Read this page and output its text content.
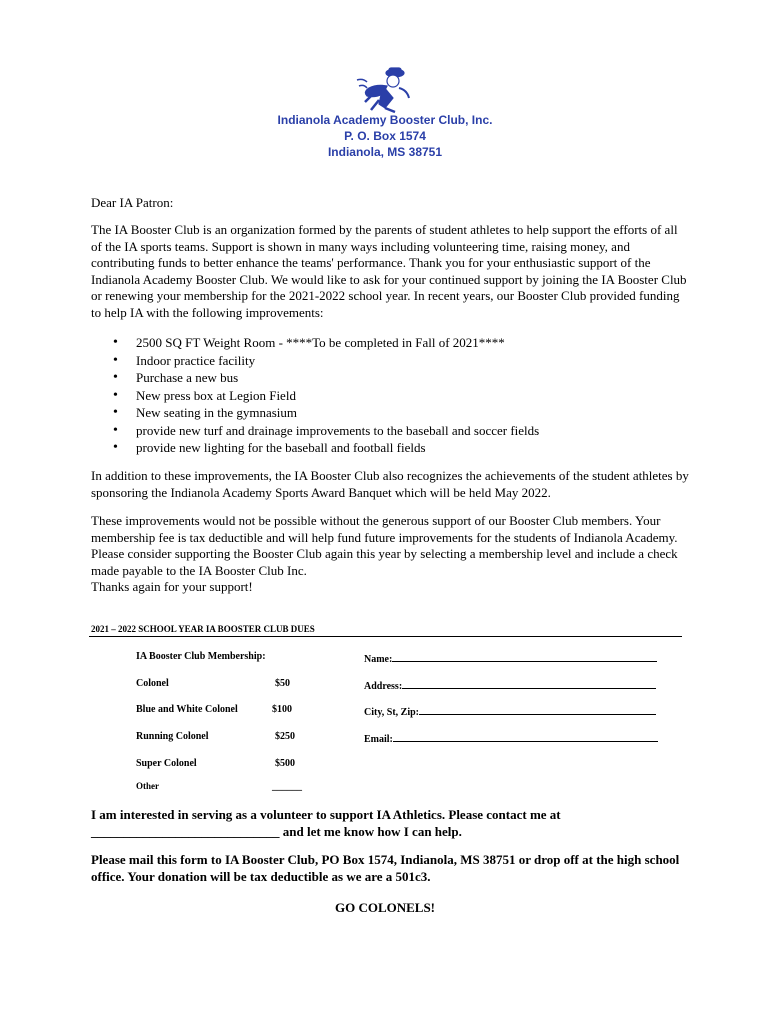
Indianola Academy Booster Club, Inc.
P. O. Box 1574
Indianola, MS 38751
Dear IA Patron:
The IA Booster Club is an organization formed by the parents of student athletes to help support the efforts of all of the IA sports teams. Support is shown in many ways including volunteering time, raising money, and contributing funds to better enhance the teams' performance. Thank you for your enthusiastic support of the Indianola Academy Booster Club. We would like to ask for your continued support by joining the IA Booster Club or renewing your membership for the 2021-2022 school year. In recent years, our Booster Club provided funding to help IA with the following improvements:
• 2500 SQ FT Weight Room - ****To be completed in Fall of 2021****
• Indoor practice facility
• Purchase a new bus
• New press box at Legion Field
• New seating in the gymnasium
• provide new turf and drainage improvements to the baseball and soccer fields
• provide new lighting for the baseball and football fields
In addition to these improvements, the IA Booster Club also recognizes the achievements of the student athletes by sponsoring the Indianola Academy Sports Award Banquet which will be held May 2022.
These improvements would not be possible without the generous support of our Booster Club members. Your membership fee is tax deductible and will help fund future improvements for the students of Indianola Academy. Please consider supporting the Booster Club again this year by selecting a membership level and include a check made payable to the IA Booster Club Inc.
Thanks again for your support!
2021 – 2022 SCHOOL YEAR IA BOOSTER CLUB DUES
IA Booster Club Membership:
Colonel	$50
Blue and White Colonel	$100
Running Colonel	$250
Super Colonel	$500
Other	______
Name:
Address:
City, St, Zip:
Email:
I am interested in serving as a volunteer to support IA Athletics. Please contact me at
_____________________________ and let me know how I can help.
Please mail this form to IA Booster Club, PO Box 1574, Indianola, MS 38751 or drop off at the high school office. Your donation will be tax deductible as we are a 501c3.
GO COLONELS!
